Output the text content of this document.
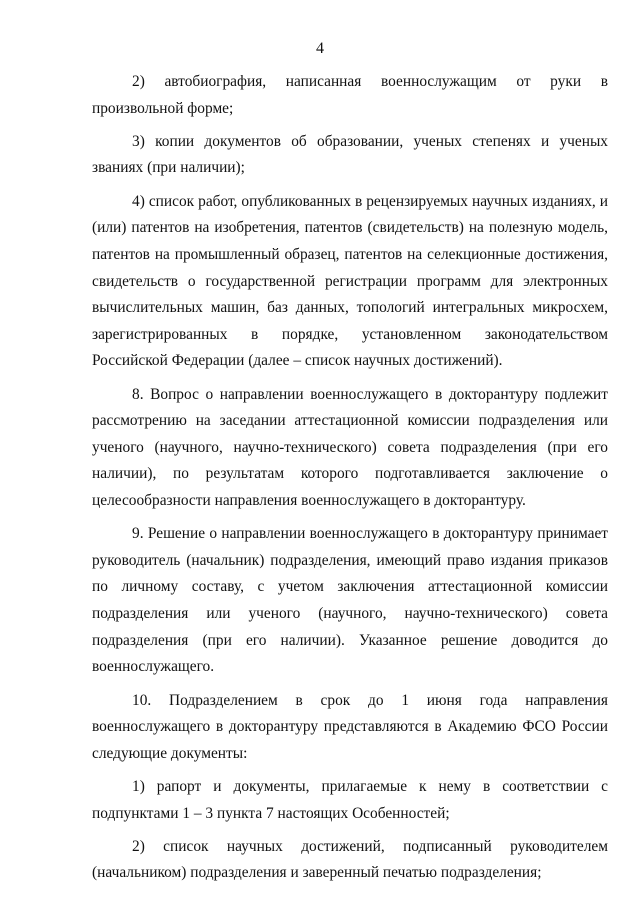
4

2) автобиография, написанная военнослужащим от руки в произвольной форме;

3) копии документов об образовании, ученых степенях и ученых званиях (при наличии);

4) список работ, опубликованных в рецензируемых научных изданиях, и (или) патентов на изобретения, патентов (свидетельств) на полезную модель, патентов на промышленный образец, патентов на селекционные достижения, свидетельств о государственной регистрации программ для электронных вычислительных машин, баз данных, топологий интегральных микросхем, зарегистрированных в порядке, установленном законодательством Российской Федерации (далее – список научных достижений).

8. Вопрос о направлении военнослужащего в докторантуру подлежит рассмотрению на заседании аттестационной комиссии подразделения или ученого (научного, научно-технического) совета подразделения (при его наличии), по результатам которого подготавливается заключение о целесообразности направления военнослужащего в докторантуру.

9. Решение о направлении военнослужащего в докторантуру принимает руководитель (начальник) подразделения, имеющий право издания приказов по личному составу, с учетом заключения аттестационной комиссии подразделения или ученого (научного, научно-технического) совета подразделения (при его наличии). Указанное решение доводится до военнослужащего.

10. Подразделением в срок до 1 июня года направления военнослужащего в докторантуру представляются в Академию ФСО России следующие документы:

1) рапорт и документы, прилагаемые к нему в соответствии с подпунктами 1 – 3 пункта 7 настоящих Особенностей;

2) список научных достижений, подписанный руководителем (начальником) подразделения и заверенный печатью подразделения;
